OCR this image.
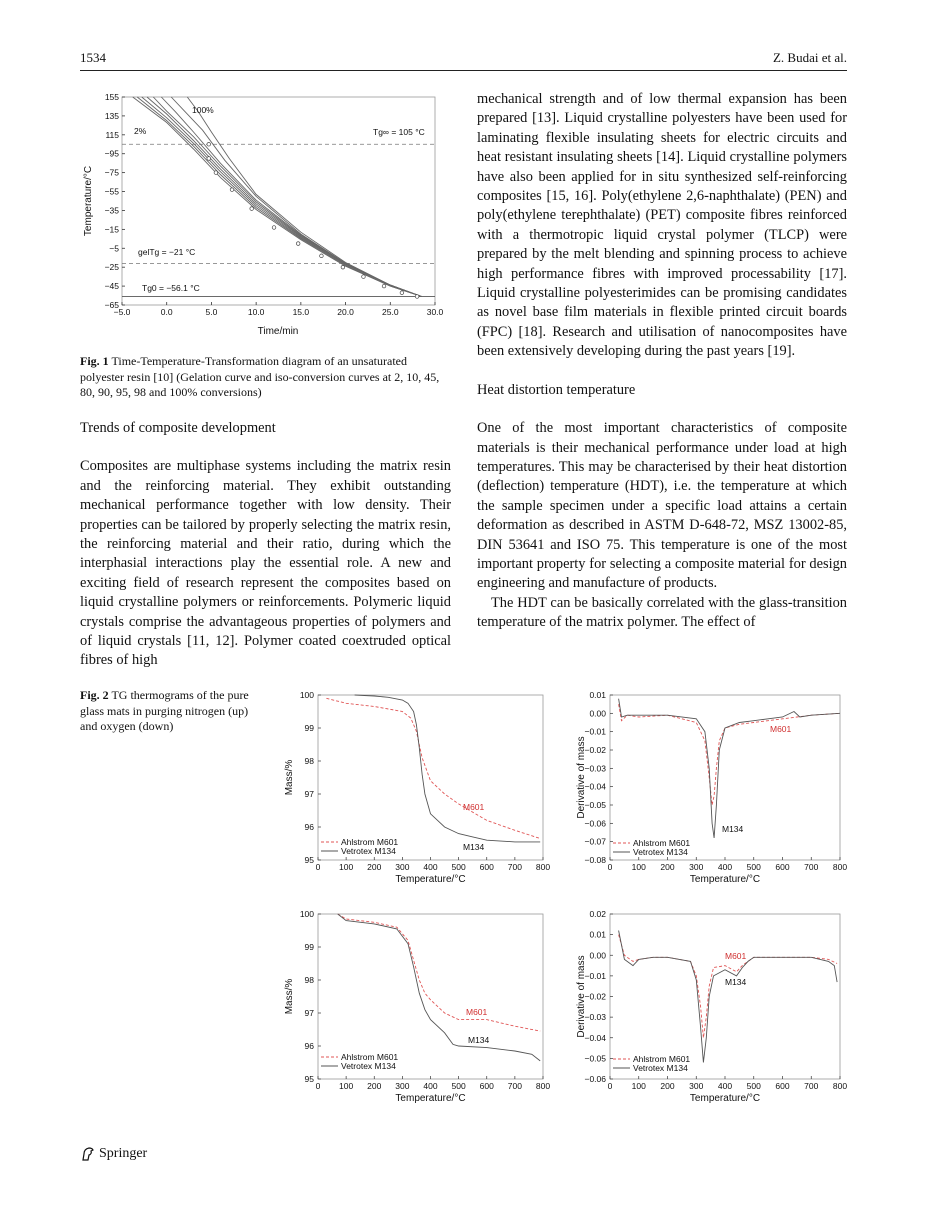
1534	Z. Budai et al.
−5.0	0.0	5.0	10.0	15.0	20.0	25.0	30.0
155
135
115
−95
−75
−55
−35
−15
−5
−25
−45
−65
100%
2%	Tg∞ = 105 °C
gelTg = −21 °C
Tg0 = −56.1 °C
Time/min
Temperature/°C
Fig. 1 Time-Temperature-Transformation diagram of an unsaturated polyester resin [10] (Gelation curve and iso-conversion curves at 2, 10, 45, 80, 90, 95, 98 and 100% conversions)
Trends of composite development

Composites are multiphase systems including the matrix resin and the reinforcing material. They exhibit outstanding mechanical performance together with low density. Their properties can be tailored by properly selecting the matrix resin, the reinforcing material and their ratio, during which the interphasial interactions play the essential role. A new and exciting field of research represent the composites based on liquid crystalline polymers or reinforcements. Polymeric liquid crystals comprise the advantageous properties of polymers and of liquid crystals [11, 12]. Polymer coated coextruded optical fibres of high

mechanical strength and of low thermal expansion has been prepared [13]. Liquid crystalline polyesters have been used for laminating flexible insulating sheets for electric circuits and heat resistant insulating sheets [14]. Liquid crystalline polymers have also been applied for in situ synthesized self-reinforcing composites [15, 16]. Poly(ethylene 2,6-naphthalate) (PEN) and poly(ethylene terephthalate) (PET) composite fibres reinforced with a thermotropic liquid crystal polymer (TLCP) were prepared by the melt blending and spinning process to achieve high performance fibres with improved processability [17]. Liquid crystalline polyesterimides can be promising candidates as novel base film materials in flexible printed circuit boards (FPC) [18]. Research and utilisation of nanocomposites have been extensively developing during the past years [19].

Heat distortion temperature

One of the most important characteristics of composite materials is their mechanical performance under load at high temperatures. This may be characterised by their heat distortion (deflection) temperature (HDT), i.e. the temperature at which the sample specimen under a specific load attains a certain deformation as described in ASTM D-648-72, MSZ 13002-85, DIN 53641 and ISO 75. This temperature is one of the most important property for selecting a composite material for design engineering and manufacture of products.

The HDT can be basically correlated with the glass-transition temperature of the matrix polymer. The effect of

Fig. 2 TG thermograms of the pure glass mats in purging nitrogen (up) and oxygen (down)
0 100 200 300 400 500 600 700 800
95
96
97
98
99
100
Ahlstrom M601
Vetrotex M134
M601
M134
Temperature/°C
Mass/%
0 100 200 300 400 500 600 700 800
0.01
0.00
−0.01
−0.02
−0.03
−0.04
−0.05
−0.06
−0.07
−0.08
Ahlstrom M601
Vetrotex M134
M601
M134
Temperature/°C
Derivative of mass
0 100 200 300 400 500 600 700 800
95
96
97
98
99
100
Ahlstrom M601
Vetrotex M134
M601
M134
Temperature/°C
Mass/%
0 100 200 300 400 500 600 700 800
0.02
0.01
0.00
−0.01
−0.02
−0.03
−0.04
−0.05
−0.06
Ahlstrom M601
Vetrotex M134
M601
M134
Temperature/°C
Derivative of mass
Springer
